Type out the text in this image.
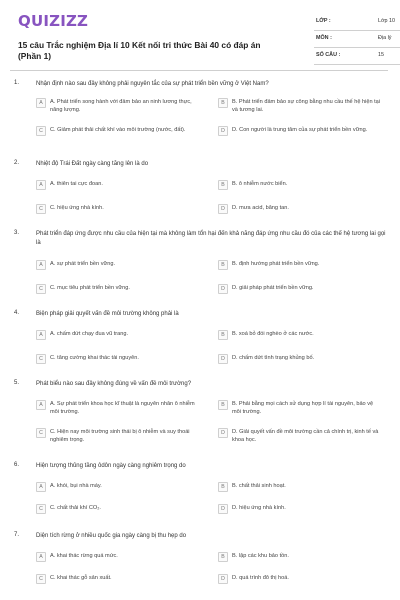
QUIZIZZ
15 câu Trắc nghiệm Địa lí 10 Kết nối tri thức Bài 40 có đáp án (Phần 1)
LỚP :	Lớp 10
MÔN :	Địa lý
SỐ CÂU :	15
1.	Nhận định nào sau đây không phải nguyên tắc của sự phát triển bền vững ở Việt Nam?
A	A. Phát triển song hành với đảm bảo an ninh lương thực, năng lượng.
B	B. Phát triển đảm bảo sự công bằng nhu cầu thế hệ hiện tại và tương lai.
C	C. Giảm phát thải chất khí vào môi trường (nước, đất).	D	D. Con người là trung tâm của sự phát triển bền vững.
2.	Nhiệt độ Trái Đất ngày càng tăng lên là do
A	A. thiên tai cực đoan.	B	B. ô nhiễm nước biển.
C	C. hiệu ứng nhà kính.	D	D. mưa acid, băng tan.
3.	Phát triển đáp ứng được nhu cầu của hiện tại mà không làm tổn hại đến khả năng đáp ứng nhu cầu đó của các thế hệ tương lai gọi là
A	A. sự phát triển bền vững.	B	B. định hướng phát triển bền vững.
C	C. mục tiêu phát triển bền vững.	D	D. giải pháp phát triển bền vững.
4.	Biện pháp giải quyết vấn đề môi trường không phải là
A	A. chấm dứt chạy đua vũ trang.	B	B. xoá bỏ đói nghèo ở các nước.
C	C. tăng cường khai thác tài nguyên.	D	D. chấm dứt tình trạng khủng bố.
5.	Phát biểu nào sau đây không đúng về vấn đề môi trường?
A	A. Sự phát triển khoa học kĩ thuật là nguyên nhân ô nhiễm môi trường.
B	B. Phải bằng mọi cách sử dụng hợp lí tài nguyên, bảo vệ môi trường.
C	C. Hiện nay môi trường sinh thái bị ô nhiễm và suy thoái nghiêm trọng.
D	D. Giải quyết vấn đề môi trường cần cả chính trị, kinh tế và khoa học.
6.	Hiện tượng thủng tầng ôdôn ngày càng nghiêm trọng do
A	A. khói, bụi nhà máy.	B	B. chất thải sinh hoạt.
C	C. chất thải khí CO₂.	D	D. hiệu ứng nhà kính.
7.	Diện tích rừng ở nhiều quốc gia ngày càng bị thu hẹp do
A	A. khai thác rừng quá mức.	B	B. lập các khu bảo tồn.
C	C. khai thác gỗ sản xuất.	D	D. quá trình đô thị hoá.
